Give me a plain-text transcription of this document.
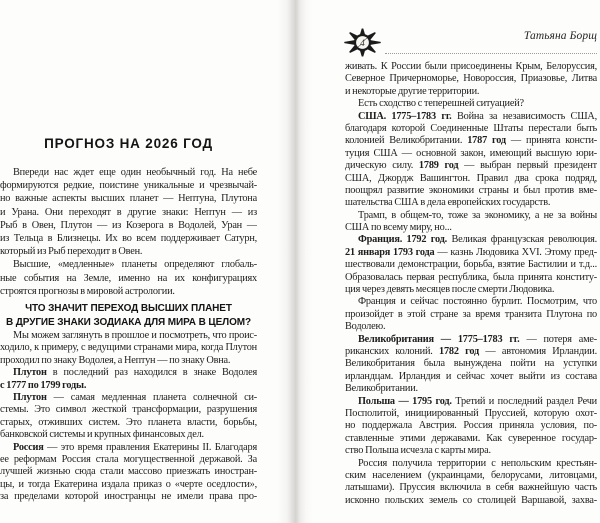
ПРОГНОЗ НА 2026 ГОД
Впереди нас ждет еще один необычный год. На небе
формируются редкие, поистине уникальные и чрезвычай-
но важные аспекты высших планет — Нептуна, Плутона
и Урана. Они переходят в другие знаки: Нептун — из
Рыб в Овен, Плутон — из Козерога в Водолей, Уран —
из Тельца в Близнецы. Их во всем поддерживает Сатурн,
который из Рыб переходит в Овен.
Высшие, «медленные» планеты определяют глобаль-
ные события на Земле, именно на их конфигурациях
строятся прогнозы в мировой астрологии.
ЧТО ЗНАЧИТ ПЕРЕХОД ВЫСШИХ ПЛАНЕТ
В ДРУГИЕ ЗНАКИ ЗОДИАКА ДЛЯ МИРА В ЦЕЛОМ?
Мы можем заглянуть в прошлое и посмотреть, что проис-
ходило, к примеру, с ведущими странами мира, когда Плутон
проходил по знаку Водолея, а Нептун — по знаку Овна.
Плутон в последний раз находился в знаке Водолея
с 1777 по 1799 годы.
Плутон — самая медленная планета солнечной си-
стемы. Это символ жесткой трансформации, разрушения
старых, отживших систем. Это планета власти, борьбы,
банковской системы и крупных финансовых дел.
Россия — это время правления Екатерины II. Благодаря
ее реформам Россия стала могущественной державой. За
лучшей жизнью сюда стали массово приезжать иностран-
цы, и тогда Екатерина издала приказ о «черте оседлости»,
за пределами которой иностранцы не имели права про-
4
Татьяна Борщ
живать. К России были присоединены Крым, Белоруссия,
Северное Причерноморье, Новороссия, Приазовье, Литва
и некоторые другие территории.
Есть сходство с теперешней ситуацией?
США. 1775–1783 гг. Война за независимость США,
благодаря которой Соединенные Штаты перестали быть
колонией Великобритании. 1787 год — принята консти-
туция США — основной закон, имеющий высшую юри-
дическую силу. 1789 год — выбран первый президент
США, Джордж Вашингтон. Правил два срока подряд,
поощрял развитие экономики страны и был против вме-
шательства США в дела европейских государств.
Трамп, в общем-то, тоже за экономику, а не за войны
США по всему миру, но...
Франция. 1792 год. Великая французская революция.
21 января 1793 года — казнь Людовика XVI. Этому пред-
шествовали демонстрации, борьба, взятие Бастилии и т.д...
Образовалась первая республика, была принята конститу-
ция через девять месяцев после смерти Людовика.
Франция и сейчас постоянно бурлит. Посмотрим, что
произойдет в этой стране за время транзита Плутона по
Водолею.
Великобритания — 1775–1783 гг. — потеря аме-
риканских колоний. 1782 год — автономия Ирландии.
Великобритания была вынуждена пойти на уступки
ирландцам. Ирландия и сейчас хочет выйти из состава
Великобритании.
Польша — 1795 год. Третий и последний раздел Речи
Посполитой, инициированный Пруссией, которую охот-
но поддержала Австрия. Россия приняла условия, по-
ставленные этими державами. Как суверенное государ-
ство Польша исчезла с карты мира.
Россия получила территории с непольским крестьян-
ским населением (украинцами, белорусами, литовцами,
латышами). Пруссия включила в себя важнейшую часть
исконно польских земель со столицей Варшавой, захва-
